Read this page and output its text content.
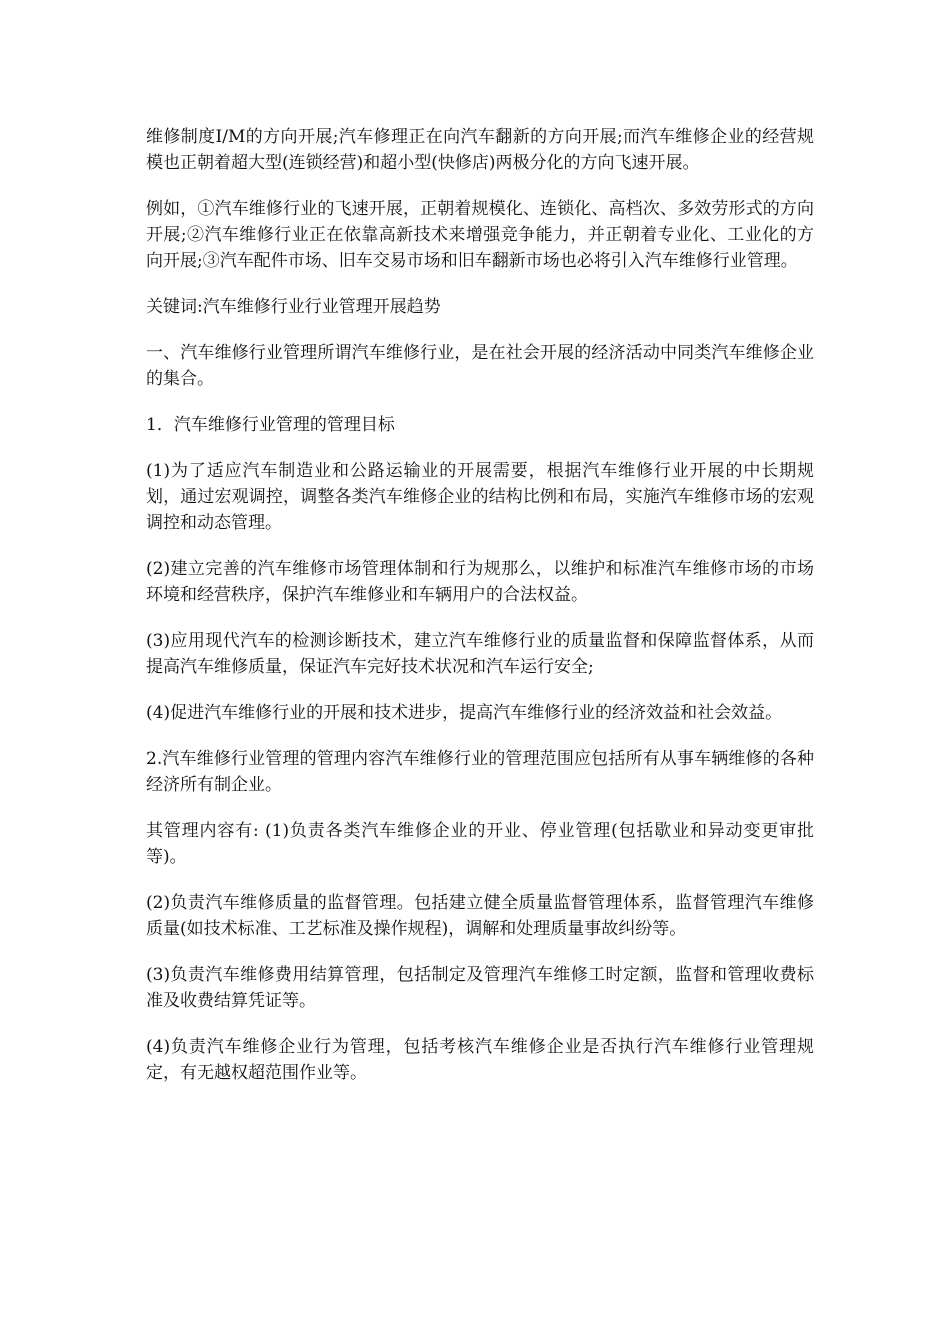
维修制度I/M的方向开展;汽车修理正在向汽车翻新的方向开展;而汽车维修企业的经营规模也正朝着超大型(连锁经营)和超小型(快修店)两极分化的方向飞速开展。

例如，①汽车维修行业的飞速开展，正朝着规模化、连锁化、高档次、多效劳形式的方向开展;②汽车维修行业正在依靠高新技术来增强竞争能力，并正朝着专业化、工业化的方向开展;③汽车配件市场、旧车交易市场和旧车翻新市场也必将引入汽车维修行业管理。

关键词:汽车维修行业行业管理开展趋势

一、汽车维修行业管理所谓汽车维修行业，是在社会开展的经济活动中同类汽车维修企业的集合。

1．汽车维修行业管理的管理目标

(1)为了适应汽车制造业和公路运输业的开展需要，根据汽车维修行业开展的中长期规划，通过宏观调控，调整各类汽车维修企业的结构比例和布局，实施汽车维修市场的宏观调控和动态管理。

(2)建立完善的汽车维修市场管理体制和行为规那么，以维护和标准汽车维修市场的市场环境和经营秩序，保护汽车维修业和车辆用户的合法权益。

(3)应用现代汽车的检测诊断技术，建立汽车维修行业的质量监督和保障监督体系，从而提高汽车维修质量，保证汽车完好技术状况和汽车运行安全;

(4)促进汽车维修行业的开展和技术进步，提高汽车维修行业的经济效益和社会效益。

2.汽车维修行业管理的管理内容汽车维修行业的管理范围应包括所有从事车辆维修的各种经济所有制企业。

其管理内容有: (1)负责各类汽车维修企业的开业、停业管理(包括歇业和异动变更审批等)。

(2)负责汽车维修质量的监督管理。包括建立健全质量监督管理体系，监督管理汽车维修质量(如技术标准、工艺标准及操作规程)，调解和处理质量事故纠纷等。

(3)负责汽车维修费用结算管理，包括制定及管理汽车维修工时定额，监督和管理收费标准及收费结算凭证等。

(4)负责汽车维修企业行为管理，包括考核汽车维修企业是否执行汽车维修行业管理规定，有无越权超范围作业等。
